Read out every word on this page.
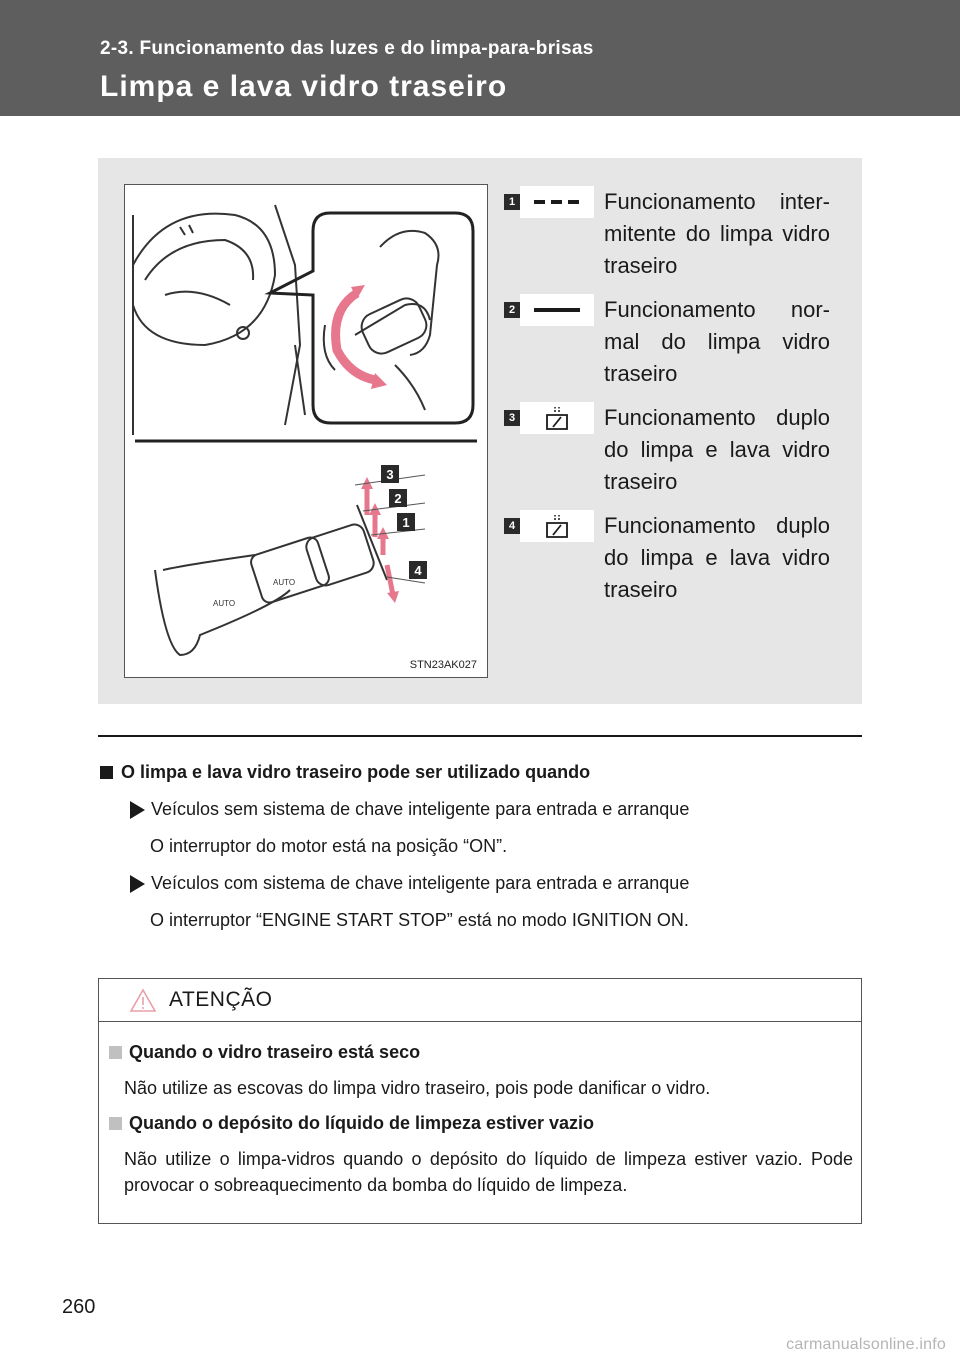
2-3. Funcionamento das luzes e do limpa-para-brisas
Limpa e lava vidro traseiro
AUTO
AUTO
3
2
1
4
STN23AK027
1	Funcionamento inter-mitente do limpa vidro traseiro
2	Funcionamento nor-mal do limpa vidro traseiro
3	Funcionamento duplo do limpa e lava vidro traseiro
4	Funcionamento duplo do limpa e lava vidro traseiro
O limpa e lava vidro traseiro pode ser utilizado quando
Veículos sem sistema de chave inteligente para entrada e arranque
O interruptor do motor está na posição “ON”.
Veículos com sistema de chave inteligente para entrada e arranque
O interruptor “ENGINE START STOP” está no modo IGNITION ON.
ATENÇÃO
Quando o vidro traseiro está seco
Não utilize as escovas do limpa vidro traseiro, pois pode danificar o vidro.
Quando o depósito do líquido de limpeza estiver vazio
Não utilize o limpa-vidros quando o depósito do líquido de limpeza estiver vazio. Pode provocar o sobreaquecimento da bomba do líquido de limpeza.
260
carmanualsonline.info
